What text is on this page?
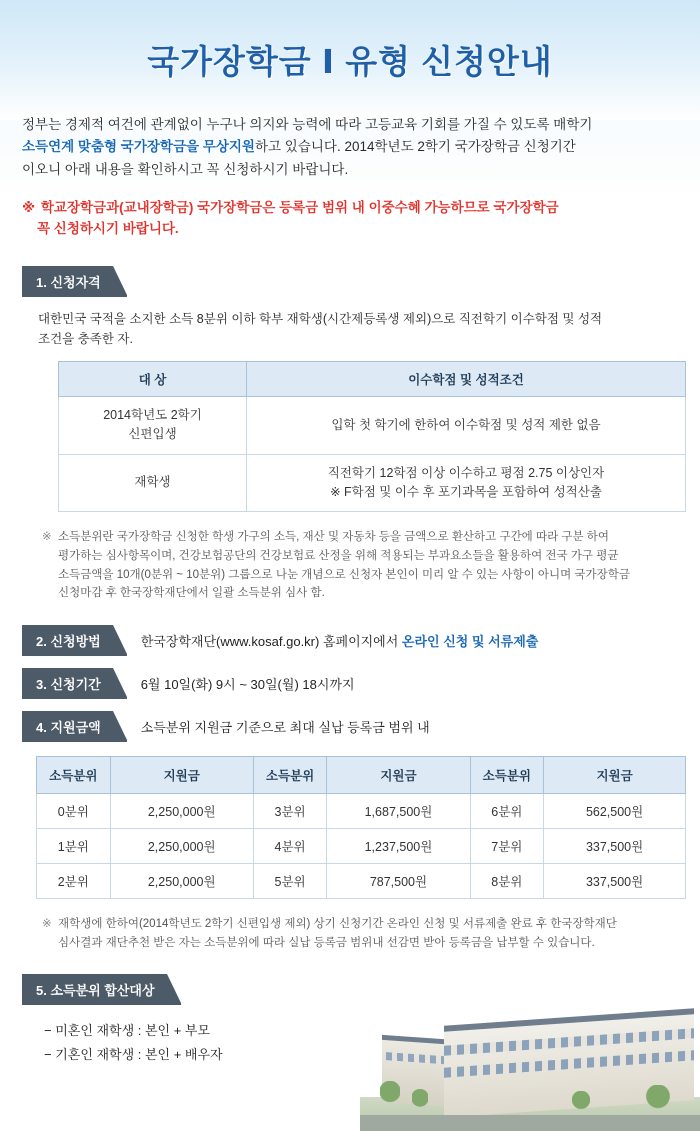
국가장학금 Ⅰ 유형 신청안내
정부는 경제적 여건에 관계없이 누구나 의지와 능력에 따라 고등교육 기회를 가질 수 있도록 매학기
소득연계 맞춤형 국가장학금을 무상지원하고 있습니다. 2014학년도 2학기 국가장학금 신청기간
이오니 아래 내용을 확인하시고 꼭 신청하시기 바랍니다.
※ 학교장학금과(교내장학금) 국가장학금은 등록금 범위 내 이중수혜 가능하므로 국가장학금
꼭 신청하시기 바랍니다.
1. 신청자격
대한민국 국적을 소지한 소득 8분위 이하 학부 재학생(시간제등록생 제외)으로 직전학기 이수학점 및 성적
조건을 충족한 자.
대 상	이수학점 및 성적조건
2014학년도 2학기
신편입생	입학 첫 학기에 한하여 이수학점 및 성적 제한 없음
재학생	직전학기 12학점 이상 이수하고 평점 2.75 이상인자
※ F학점 및 이수 후 포기과목을 포함하여 성적산출
※ 소득분위란 국가장학금 신청한 학생 가구의 소득, 재산 및 자동차 등을 금액으로 환산하고 구간에 따라 구분 하여
평가하는 심사항목이며, 건강보험공단의 건강보험료 산정을 위해 적용되는 부과요소들을 활용하여 전국 가구 평균
소득금액을 10개(0분위 ~ 10분위) 그룹으로 나눈 개념으로 신청자 본인이 미리 알 수 있는 사항이 아니며 국가장학금
신청마감 후 한국장학재단에서 일괄 소득분위 심사 함.
2. 신청방법	한국장학재단(www.kosaf.go.kr) 홈페이지에서 온라인 신청 및 서류제출
3. 신청기간	6월 10일(화) 9시 ~ 30일(월) 18시까지
4. 지원금액	소득분위 지원금 기준으로 최대 실납 등록금 범위 내
소득분위	지원금	소득분위	지원금	소득분위	지원금
0분위	2,250,000원	3분위	1,687,500원	6분위	562,500원
1분위	2,250,000원	4분위	1,237,500원	7분위	337,500원
2분위	2,250,000원	5분위	787,500원	8분위	337,500원
※ 재학생에 한하여(2014학년도 2학기 신편입생 제외) 상기 신청기간 온라인 신청 및 서류제출 완료 후 한국장학재단
심사결과 재단추천 받은 자는 소득분위에 따라 실납 등록금 범위내 선감면 받아 등록금을 납부할 수 있습니다.
5. 소득분위 합산대상
− 미혼인 재학생 : 본인 + 부모
− 기혼인 재학생 : 본인 + 배우자
